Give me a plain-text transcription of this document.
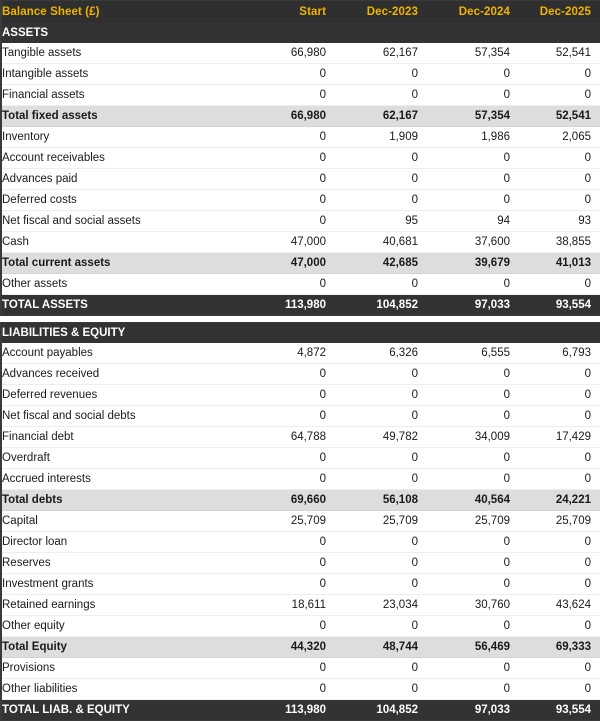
Balance Sheet (£)	Start	Dec-2023	Dec-2024	Dec-2025
ASSETS				
Tangible assets	66,980	62,167	57,354	52,541
Intangible assets	0	0	0	0
Financial assets	0	0	0	0
Total fixed assets	66,980	62,167	57,354	52,541
Inventory	0	1,909	1,986	2,065
Account receivables	0	0	0	0
Advances paid	0	0	0	0
Deferred costs	0	0	0	0
Net fiscal and social assets	0	95	94	93
Cash	47,000	40,681	37,600	38,855
Total current assets	47,000	42,685	39,679	41,013
Other assets	0	0	0	0
TOTAL ASSETS	113,980	104,852	97,033	93,554
LIABILITIES & EQUITY				
Account payables	4,872	6,326	6,555	6,793
Advances received	0	0	0	0
Deferred revenues	0	0	0	0
Net fiscal and social debts	0	0	0	0
Financial debt	64,788	49,782	34,009	17,429
Overdraft	0	0	0	0
Accrued interests	0	0	0	0
Total debts	69,660	56,108	40,564	24,221
Capital	25,709	25,709	25,709	25,709
Director loan	0	0	0	0
Reserves	0	0	0	0
Investment grants	0	0	0	0
Retained earnings	18,611	23,034	30,760	43,624
Other equity	0	0	0	0
Total Equity	44,320	48,744	56,469	69,333
Provisions	0	0	0	0
Other liabilities	0	0	0	0
TOTAL LIAB. & EQUITY	113,980	104,852	97,033	93,554
